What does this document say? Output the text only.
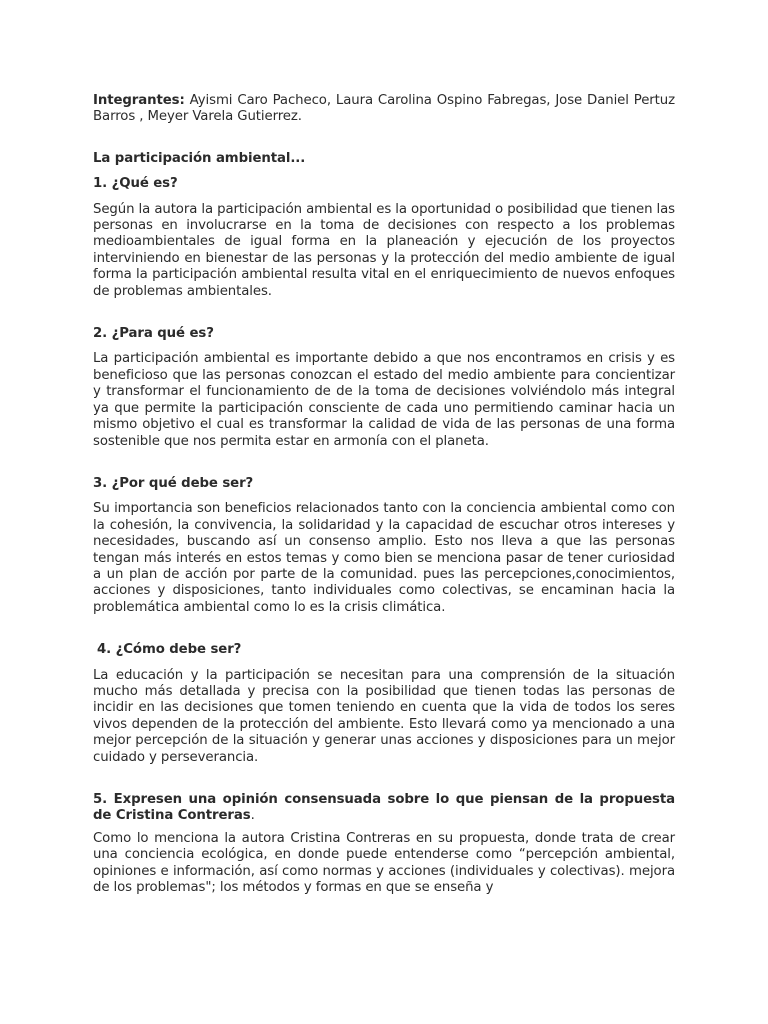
Integrantes: Ayismi Caro Pacheco, Laura Carolina Ospino Fabregas, Jose Daniel Pertuz Barros , Meyer Varela Gutierrez.

La participación ambiental...
1. ¿Qué es?

Según la autora la participación ambiental es la oportunidad o posibilidad que tienen las personas en involucrarse en la toma de decisiones con respecto a los problemas medioambientales de igual forma en la planeación y ejecución de los proyectos interviniendo en bienestar de las personas y la protección del medio ambiente de igual forma la participación ambiental resulta vital en el enriquecimiento de nuevos enfoques de problemas ambientales.

2. ¿Para qué es?

La participación ambiental es importante debido a que nos encontramos en crisis y es beneficioso que las personas conozcan el estado del medio ambiente para concientizar y transformar el funcionamiento de de la toma de decisiones volviéndolo más integral ya que permite la participación consciente de cada uno permitiendo caminar hacia un mismo objetivo el cual es transformar la calidad de vida de las personas de una forma sostenible que nos permita estar en armonía con el planeta.

3. ¿Por qué debe ser?

Su importancia son beneficios relacionados tanto con la conciencia ambiental como con la cohesión, la convivencia, la solidaridad y la capacidad de escuchar otros intereses y necesidades, buscando así un consenso amplio. Esto nos lleva a que las personas tengan más interés en estos temas y como bien se menciona pasar de tener curiosidad a un plan de acción por parte de la comunidad. pues las percepciones,conocimientos, acciones y disposiciones, tanto individuales como colectivas, se encaminan hacia la problemática ambiental como lo es la crisis climática.

4. ¿Cómo debe ser?

La educación y la participación se necesitan para una comprensión de la situación mucho más detallada y precisa con la posibilidad que tienen todas las personas de incidir en las decisiones que tomen teniendo en cuenta que la vida de todos los seres vivos dependen de la protección del ambiente. Esto llevará como ya mencionado a una mejor percepción de la situación y generar unas acciones y disposiciones para un mejor cuidado y perseverancia.

5. Expresen una opinión consensuada sobre lo que piensan de la propuesta de Cristina Contreras.

Como lo menciona la autora Cristina Contreras en su propuesta, donde trata de crear una conciencia ecológica, en donde puede entenderse como “percepción ambiental, opiniones e información, así como normas y acciones (individuales y colectivas). mejora de los problemas"; los métodos y formas en que se enseña y
